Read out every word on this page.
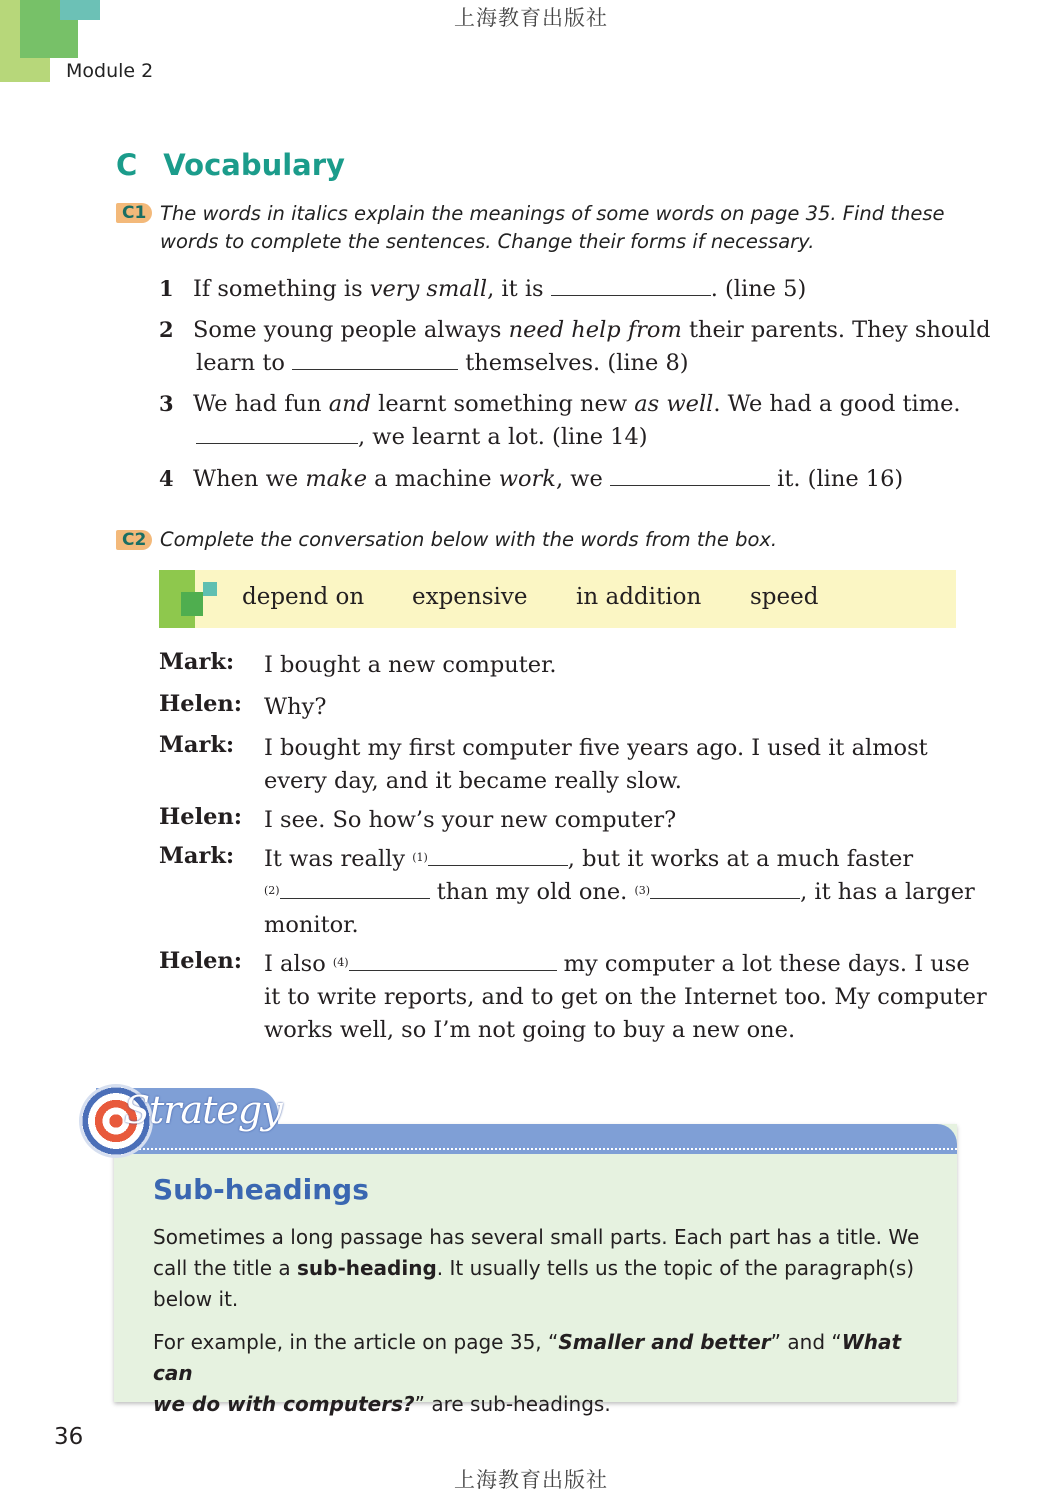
上海教育出版社
Module 2
C Vocabulary
C1 The words in italics explain the meanings of some words on page 35. Find these
words to complete the sentences. Change their forms if necessary.
1 If something is very small, it is	. (line 5)
2 Some young people always need help from their parents. They should
learn to	themselves. (line 8)
3 We had fun and learnt something new as well. We had a good time.
, we learnt a lot. (line 14)
4 When we make a machine work, we	it. (line 16)
C2 Complete the conversation below with the words from the box.
depend on expensive in addition speed
Mark: I bought a new computer.
Helen: Why?
Mark: I bought my first computer five years ago. I used it almost
every day, and it became really slow.
Helen: I see. So how’s your new computer?
Mark: It was really $^{(1)}$	, but it works at a much faster
$^{(2)}$	than my old one. $^{(3)}$	, it has a larger
monitor.
Helen: I also $^{(4)}$	my computer a lot these days. I use
it to write reports, and to get on the Internet too. My computer
works well, so I’m not going to buy a new one.
Strategy
Sub-headings
Sometimes a long passage has several small parts. Each part has a title. We
call the title a sub-heading. It usually tells us the topic of the paragraph(s)
below it.
For example, in the article on page 35, “Smaller and better” and “What can
we do with computers?” are sub-headings.
36
上海教育出版社
